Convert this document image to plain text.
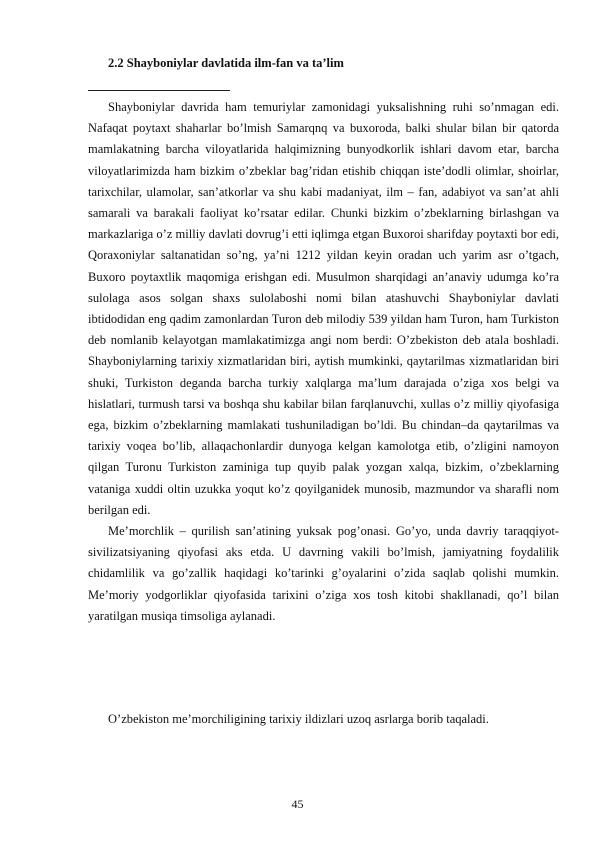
2.2 Shayboniylar davlatida ilm-fan va ta’lim

Shayboniylar davrida ham temuriylar zamonidagi yuksalishning ruhi so’nmagan edi. Nafaqat poytaxt shaharlar bo’lmish Samarqnq va buxoroda, balki shular bilan bir qatorda mamlakatning barcha viloyatlarida halqimizning bunyodkorlik ishlari davom etar, barcha viloyatlarimizda ham bizkim o’zbeklar bag’ridan etishib chiqqan iste’dodli olimlar, shoirlar, tarixchilar, ulamolar, san’atkorlar va shu kabi madaniyat, ilm – fan, adabiyot va san’at ahli samarali va barakali faoliyat ko’rsatar edilar. Chunki bizkim o’zbeklarning birlashgan va markazlariga o’z milliy davlati dovrug’i etti iqlimga etgan Buxoroi sharifday poytaxti bor edi, Qoraxoniylar saltanatidan so’ng, ya’ni 1212 yildan keyin oradan uch yarim asr o’tgach, Buxoro poytaxtlik maqomiga erishgan edi. Musulmon sharqidagi an’anaviy udumga ko’ra sulolaga asos solgan shaxs sulolaboshi nomi bilan atashuvchi Shayboniylar davlati ibtidodidan eng qadim zamonlardan Turon deb milodiy 539 yildan ham Turon, ham Turkiston deb nomlanib kelayotgan mamlakatimizga angi nom berdi: O’zbekiston deb atala boshladi. Shayboniylarning tarixiy xizmatlaridan biri, aytish mumkinki, qaytarilmas xizmatlaridan biri shuki, Turkiston deganda barcha turkiy xalqlarga ma’lum darajada o’ziga xos belgi va hislatlari, turmush tarsi va boshqa shu kabilar bilan farqlanuvchi, xullas o’z milliy qiyofasiga ega, bizkim o’zbeklarning mamlakati tushuniladigan bo’ldi. Bu chindan–da qaytarilmas va tarixiy voqea bo’lib, allaqachonlardir dunyoga kelgan kamolotga etib, o’zligini namoyon qilgan Turonu Turkiston zaminiga tup quyib palak yozgan xalqa, bizkim, o’zbeklarning vataniga xuddi oltin uzukka yoqut ko’z qoyilganidek munosib, mazmundor va sharafli nom berilgan edi.

Me’morchlik – qurilish san’atining yuksak pog’onasi. Go’yo, unda davriy taraqqiyot- sivilizatsiyaning qiyofasi aks etda. U davrning vakili bo’lmish, jamiyatning foydalilik chidamlilik va go’zallik haqidagi ko’tarinki g’oyalarini o’zida saqlab qolishi mumkin. Me’moriy yodgorliklar qiyofasida tarixini o’ziga xos tosh kitobi shakllanadi, qo’l bilan yaratilgan musiqa timsoliga aylanadi.

O’zbekiston me’morchiligining tarixiy ildizlari uzoq asrlarga borib taqaladi.

45
